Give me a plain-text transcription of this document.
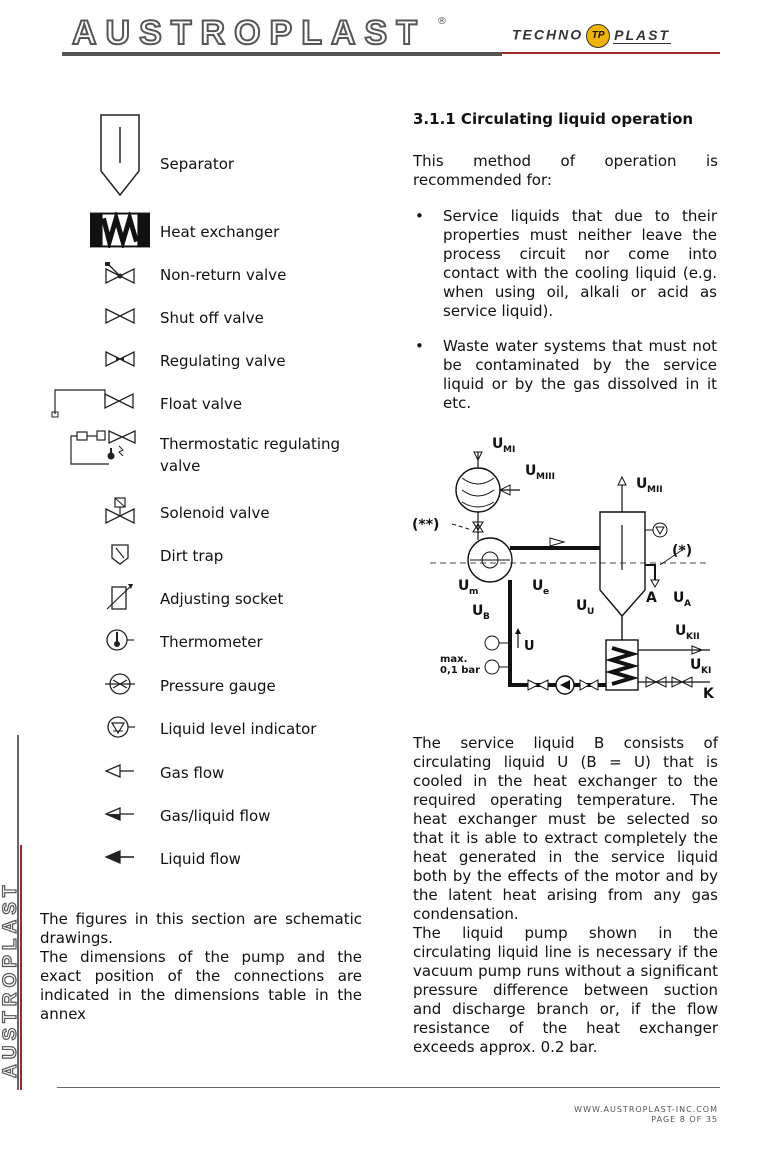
AUSTROPLAST ®
TECHNO TP PLAST
Separator
Heat exchanger
Non-return valve
Shut off valve
Regulating valve
Float valve
Thermostatic regulating valve
Solenoid valve
Dirt trap
Adjusting socket
Thermometer
Pressure gauge
Liquid level indicator
Gas flow
Gas/liquid flow
Liquid flow

The figures in this section are schematic drawings.

The dimensions of the pump and the exact position of the connections are indicated in the dimensions table in the annex

3.1.1 Circulating liquid operation
This method of operation is recommended for:
• Service liquids that due to their properties must neither leave the process circuit nor come into contact with the cooling liquid (e.g. when using oil, alkali or acid as service liquid).
• Waste water systems that must not be contaminated by the service liquid or by the gas dissolved in it etc.
U MI
U MIII	U MII
(**)
(*)
U m	U e
U B
U U
A U A
U KII
U KI
K
U
max.
0,1 bar

The service liquid B consists of circulating liquid U (B = U) that is cooled in the heat exchanger to the required operating temperature. The heat exchanger must be selected so that it is able to extract completely the heat generated in the service liquid both by the effects of the motor and by the latent heat arising from any gas condensation.

The liquid pump shown in the circulating liquid line is necessary if the vacuum pump runs without a significant pressure difference between suction and discharge branch or, if the flow resistance of the heat exchanger exceeds approx. 0.2 bar.

AUSTROPLAST
WWW.AUSTROPLAST-INC.COM
PAGE 8 OF 35
